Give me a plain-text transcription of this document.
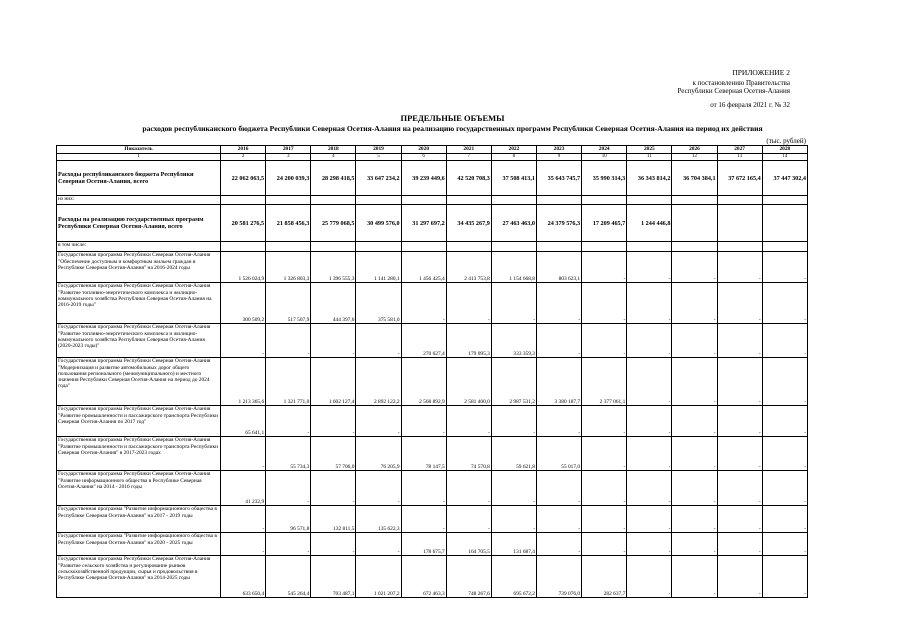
ПРИЛОЖЕНИЕ 2
к постановлению Правительства
Республики Северная Осетия-Алания
от 16 февраля 2021 г. № 32
ПРЕДЕЛЬНЫЕ ОБЪЕМЫ
расходов республиканского бюджета Республики Северная Осетия-Алания на реализацию государственных программ Республики Северная Осетия-Алания на период их действия
(тыс. рублей)
Показатель	2016	2017	2018	2019	2020	2021	2022	2023	2024	2025	2026	2027	2028
1	2	3	4	5	6	7	8	9	10	11	12	13	14
Расходы республиканского бюджета Республики Северная Осетия-Алания, всего	22 062 063,5	24 200 039,3	28 298 418,5	33 647 234,2	39 239 449,6	42 520 708,3	37 508 413,1	35 643 745,7	35 990 314,3	36 343 814,2	36 704 384,1	37 672 165,4	37 447 302,4
из них:													
Расходы на реализацию государственных программ Республики Северная Осетия-Алания, всего	20 581 276,5	21 858 456,3	25 779 068,5	30 499 576,0	31 297 697,2	34 435 267,9	27 463 463,0	24 379 576,3	17 209 465,7	1 244 446,8			
в том числе:													
Государственная программа Республики Северная Осетия-Алания "Обеспечение доступным и комфортным жильем граждан в Республике Северная Осетия-Алания" на 2016-2024 годы	1 526 024,9	1 326 803,3	1 396 555,3	1 141 280,1	1 456 425,4	2 413 753,8	1 154 668,8	803 623,1	-	-	-	-	-
Государственная программа Республики Северная Осетия-Алания "Развитие топливно-энергетического комплекса и жилищно-коммунального хозяйства Республики Северная Осетия-Алания на 2016-2019 годы"	300 509,2	517 507,9	444 397,6	375 581,0	-	-	-	-	-	-	-	-	-
Государственная программа Республики Северная Осетия-Алания "Развитие топливно-энергетического комплекса и жилищно-коммунального хозяйства Республики Северная Осетия-Алания (2020-2023 годы)"	-	-	-	-	270 627,4	179 095,3	333 359,3	-	-	-	-	-	-
Государственная программа Республики Северная Осетия-Алания "Модернизация и развитие автомобильных дорог общего пользования регионального (межмуниципального) и местного значения Республики Северная Осетия-Алания на период до 2024 года"	1 213 365,6	1 321 771,0	1 602 127,4	2 892 122,2	2 568 892,9	2 581 400,0	2 987 531,2	3 380 187,7	2 377 061,1	-	-	-	-
Государственная программа Республики Северная Осетия-Алания "Развитие промышленности и пассажирского транспорта Республики Северная Осетия-Алания по 2017 год"	65 641,1	-	-	-	-	-	-	-	-	-	-	-	-
Государственная программа Республики Северная Осетия-Алания "Развитие промышленности и пассажирского транспорта Республики Северная Осетия-Алания" в 2017-2023 годах	-	55 734,3	57 706,0	76 205,9	78 147,5	74 570,8	59 621,8	55 017,0	-	-	-	-	-
Государственная программа Республики Северная Осетия-Алания "Развитие информационного общества в Республике Северная Осетия-Алания" на 2014 - 2016 годы	41 232,9	-	-	-	-	-	-	-	-	-	-	-	-
Государственная программа "Развитие информационного общества в Республике Северная Осетия-Алания" на 2017 - 2019 годы	-	96 571,8	132 811,5	135 622,3	-	-	-	-	-	-	-	-	-
Государственная программа "Развитие информационного общества в Республике Северная Осетия-Алания" на 2020 - 2025 годы	-	-	-	-	178 675,7	164 705,5	131 687,4	-	-	-	-	-	-
Государственная программа Республики Северная Осетия-Алания "Развитие сельского хозяйства и регулирование рынков сельскохозяйственной продукции, сырья и продовольствия в Республике Северная Осетия-Алания" на 2014-2025 годы	633 650,4	545 264,4	703 487,1	1 021 207,2	672 463,3	748 267,6	695 672,2	739 076,0	282 637,7	-	-	-	-
